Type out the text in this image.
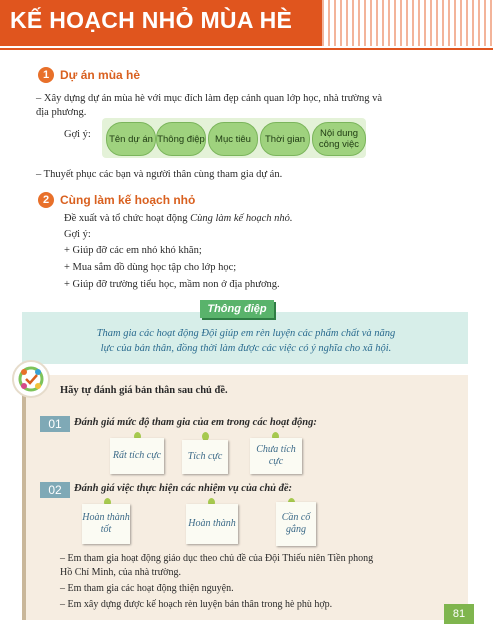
KẾ HOẠCH NHỎ MÙA HÈ
1 Dự án mùa hè
– Xây dựng dự án mùa hè với mục đích làm đẹp cảnh quan lớp học, nhà trường và
địa phương.
Gợi ý:	Tên dự án Thông điệp	Mục tiêu	Thời gian	Nội dung công việc
– Thuyết phục các bạn và người thân cùng tham gia dự án.
2 Cùng làm kế hoạch nhỏ
Đề xuất và tổ chức hoạt động Cùng làm kế hoạch nhỏ.
Gợi ý:
+ Giúp đỡ các em nhỏ khó khăn;
+ Mua sắm đồ dùng học tập cho lớp học;
+ Giúp đỡ trường tiểu học, mầm non ở địa phương.
Thông điệp
Tham gia các hoạt động Đội giúp em rèn luyện các phẩm chất và năng
lực của bản thân, đồng thời làm được các việc có ý nghĩa cho xã hội.
Hãy tự đánh giá bản thân sau chủ đề.
01	Đánh giá mức độ tham gia của em trong các hoạt động:
Rất tích cực	Tích cực
Chưa tích cực
02	Đánh giá việc thực hiện các nhiệm vụ của chủ đề:
Hoàn thành tốt
Hoàn thành
Cần cố gắng
– Em tham gia hoạt động giáo dục theo chủ đề của Đội Thiếu niên Tiền phong
Hồ Chí Minh, của nhà trường.
– Em tham gia các hoạt động thiện nguyện.
– Em xây dựng được kế hoạch rèn luyện bản thân trong hè phù hợp.
81
